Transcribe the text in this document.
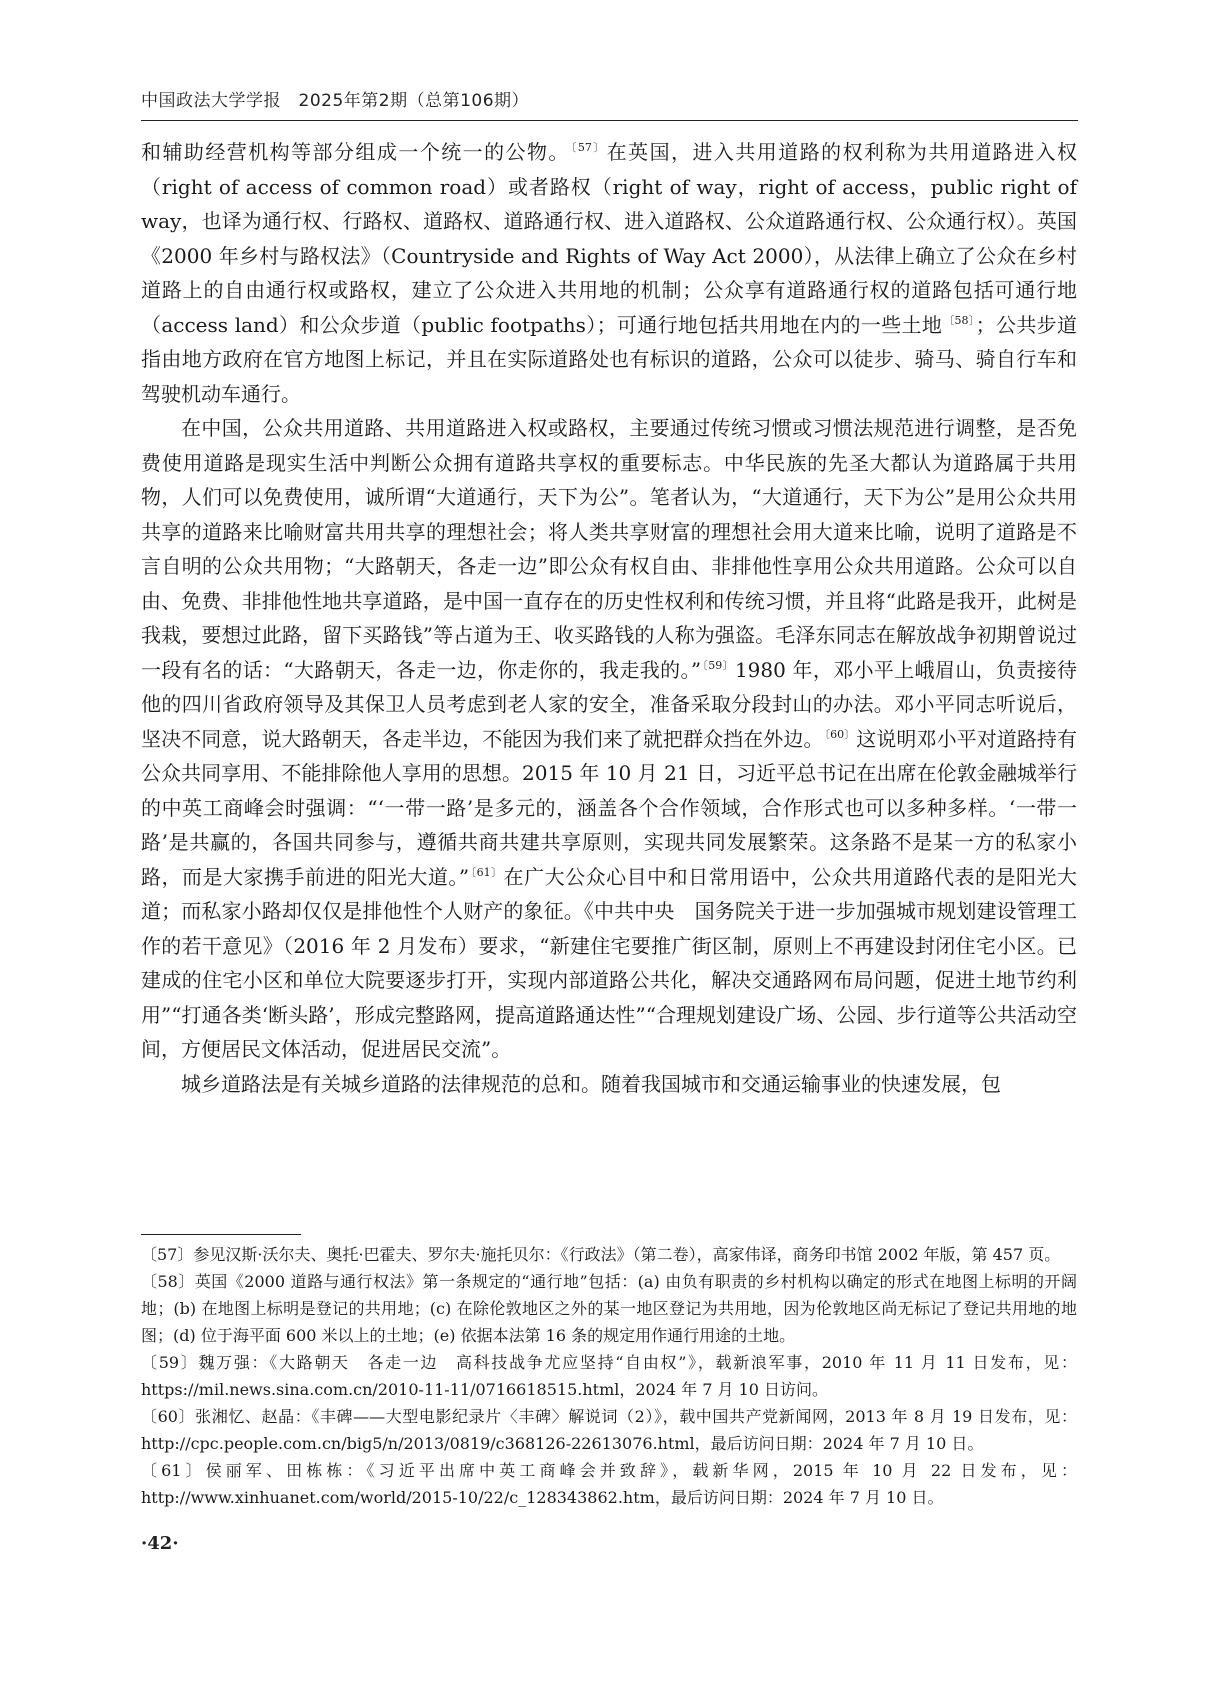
中国政法大学学报　2025年第2期（总第106期）

和辅助经营机构等部分组成一个统一的公物。$^{〔57〕}$在英国，进入共用道路的权利称为共用道路进入权（right of access of common road）或者路权（right of way，right of access，public right of way，也译为通行权、行路权、道路权、道路通行权、进入道路权、公众道路通行权、公众通行权）。英国《2000 年乡村与路权法》（Countryside and Rights of Way Act 2000），从法律上确立了公众在乡村道路上的自由通行权或路权，建立了公众进入共用地的机制；公众享有道路通行权的道路包括可通行地（access land）和公众步道（public footpaths）；可通行地包括共用地在内的一些土地$^{〔58〕}$；公共步道指由地方政府在官方地图上标记，并且在实际道路处也有标识的道路，公众可以徒步、骑马、骑自行车和驾驶机动车通行。

在中国，公众共用道路、共用道路进入权或路权，主要通过传统习惯或习惯法规范进行调整，是否免费使用道路是现实生活中判断公众拥有道路共享权的重要标志。中华民族的先圣大都认为道路属于共用物，人们可以免费使用，诚所谓“大道通行，天下为公”。笔者认为，“大道通行，天下为公”是用公众共用共享的道路来比喻财富共用共享的理想社会；将人类共享财富的理想社会用大道来比喻，说明了道路是不言自明的公众共用物；“大路朝天，各走一边”即公众有权自由、非排他性享用公众共用道路。公众可以自由、免费、非排他性地共享道路，是中国一直存在的历史性权利和传统习惯，并且将“此路是我开，此树是我栽，要想过此路，留下买路钱”等占道为王、收买路钱的人称为强盗。毛泽东同志在解放战争初期曾说过一段有名的话：“大路朝天，各走一边，你走你的，我走我的。”$^{〔59〕}$1980 年，邓小平上峨眉山，负责接待他的四川省政府领导及其保卫人员考虑到老人家的安全，准备采取分段封山的办法。邓小平同志听说后，坚决不同意，说大路朝天，各走半边，不能因为我们来了就把群众挡在外边。$^{〔60〕}$这说明邓小平对道路持有公众共同享用、不能排除他人享用的思想。2015 年 10 月 21 日，习近平总书记在出席在伦敦金融城举行的中英工商峰会时强调：“‘一带一路’是多元的，涵盖各个合作领域，合作形式也可以多种多样。‘一带一路’是共赢的，各国共同参与，遵循共商共建共享原则，实现共同发展繁荣。这条路不是某一方的私家小路，而是大家携手前进的阳光大道。”$^{〔61〕}$在广大公众心目中和日常用语中，公众共用道路代表的是阳光大道；而私家小路却仅仅是排他性个人财产的象征。《中共中央　国务院关于进一步加强城市规划建设管理工作的若干意见》（2016 年 2 月发布）要求，“新建住宅要推广街区制，原则上不再建设封闭住宅小区。已建成的住宅小区和单位大院要逐步打开，实现内部道路公共化，解决交通路网布局问题，促进土地节约利用”“打通各类‘断头路’，形成完整路网，提高道路通达性”“合理规划建设广场、公园、步行道等公共活动空间，方便居民文体活动，促进居民交流”。

城乡道路法是有关城乡道路的法律规范的总和。随着我国城市和交通运输事业的快速发展，包

〔57〕参见汉斯·沃尔夫、奥托·巴霍夫、罗尔夫·施托贝尔：《行政法》（第二卷），高家伟译，商务印书馆 2002 年版，第 457 页。

〔58〕英国《2000 道路与通行权法》第一条规定的“通行地”包括：(a) 由负有职责的乡村机构以确定的形式在地图上标明的开阔地；(b) 在地图上标明是登记的共用地；(c) 在除伦敦地区之外的某一地区登记为共用地，因为伦敦地区尚无标记了登记共用地的地图；(d) 位于海平面 600 米以上的土地；(e) 依据本法第 16 条的规定用作通行用途的土地。

〔59〕魏万强：《大路朝天　各走一边　高科技战争尤应坚持“自由权”》，载新浪军事，2010 年 11 月 11 日发布，见：https://mil.news.sina.com.cn/2010-11-11/0716618515.html，2024 年 7 月 10 日访问。

〔60〕张湘忆、赵晶：《丰碑——大型电影纪录片〈丰碑〉解说词（2）》，载中国共产党新闻网，2013 年 8 月 19 日发布，见：http://cpc.people.com.cn/big5/n/2013/0819/c368126-22613076.html，最后访问日期：2024 年 7 月 10 日。

〔61〕侯丽军、田栋栋：《习近平出席中英工商峰会并致辞》，载新华网，2015 年 10 月 22 日发布，见：http://www.xinhuanet.com/world/2015-10/22/c_128343862.htm，最后访问日期：2024 年 7 月 10 日。

·42·
